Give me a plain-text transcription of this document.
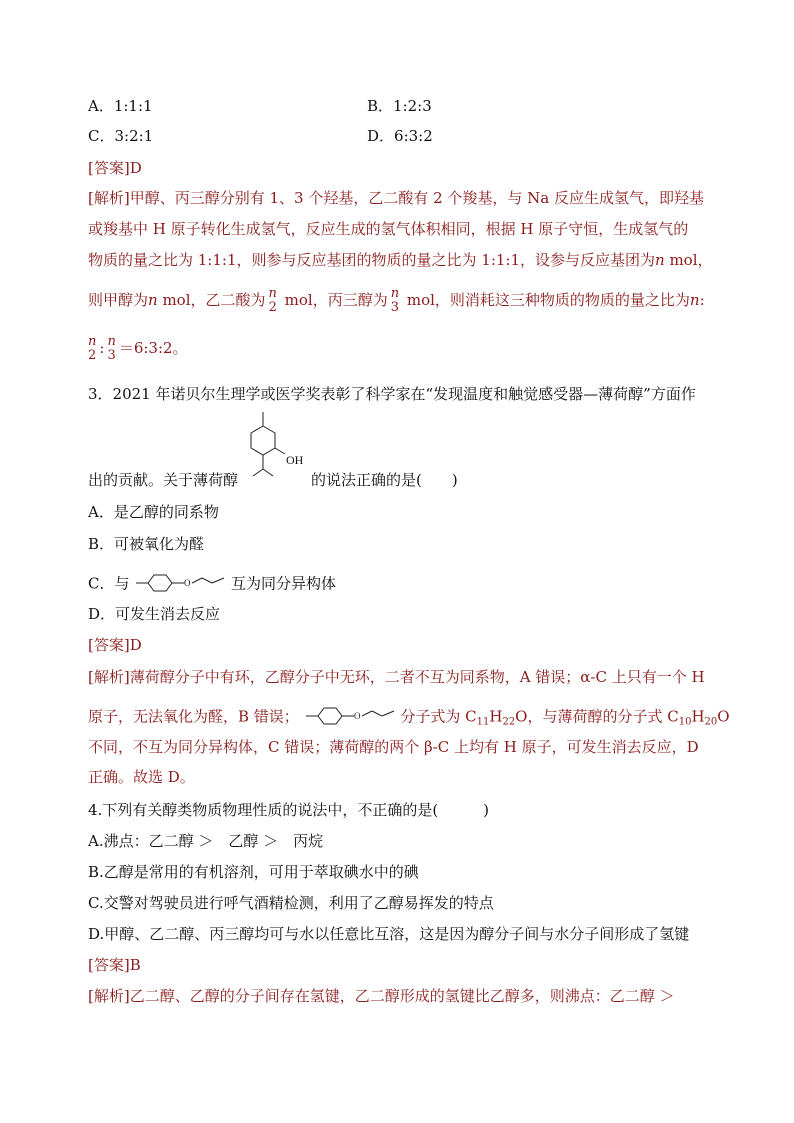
A．1:1:1	B．1:2:3
C．3:2:1	D．6:3:2
[答案]D
[解析]甲醇、丙三醇分别有 1、3 个羟基，乙二酸有 2 个羧基，与 Na 反应生成氢气，即羟基
或羧基中 H 原子转化生成氢气，反应生成的氢气体积相同，根据 H 原子守恒，生成氢气的
物质的量之比为 1:1:1，则参与反应基团的物质的量之比为 1:1:1，设参与反应基团为n mol，
则甲醇为n mol，乙二酸为 n
2 mol，丙三醇为 n
3 mol，则消耗这三种物质的物质的量之比为n:
n
2 : n
3 ＝6:3:2。
3．2021 年诺贝尔生理学或医学奖表彰了科学家在“发现温度和触觉感受器—薄荷醇”方面作
OH
出的贡献。关于薄荷醇	的说法正确的是(　　)
A．是乙醇的同系物
B．可被氧化为醛
C．与	O	互为同分异构体
D．可发生消去反应
[答案]D
[解析]薄荷醇分子中有环，乙醇分子中无环，二者不互为同系物，A 错误；α-C 上只有一个 H
原子，无法氧化为醛，B 错误；	O	分子式为 $C_{11}H_{22}O$，与薄荷醇的分子式 $C_{10}H_{20}O$
不同，不互为同分异构体，C 错误；薄荷醇的两个 β-C 上均有 H 原子，可发生消去反应，D
正确。故选 D。
4.下列有关醇类物质物理性质的说法中，不正确的是(　　　)
A.沸点：乙二醇 ＞　乙醇 ＞　丙烷
B.乙醇是常用的有机溶剂，可用于萃取碘水中的碘
C.交警对驾驶员进行呼气酒精检测，利用了乙醇易挥发的特点
D.甲醇、乙二醇、丙三醇均可与水以任意比互溶，这是因为醇分子间与水分子间形成了氢键
[答案]B
[解析]乙二醇、乙醇的分子间存在氢键，乙二醇形成的氢键比乙醇多，则沸点：乙二醇 ＞
